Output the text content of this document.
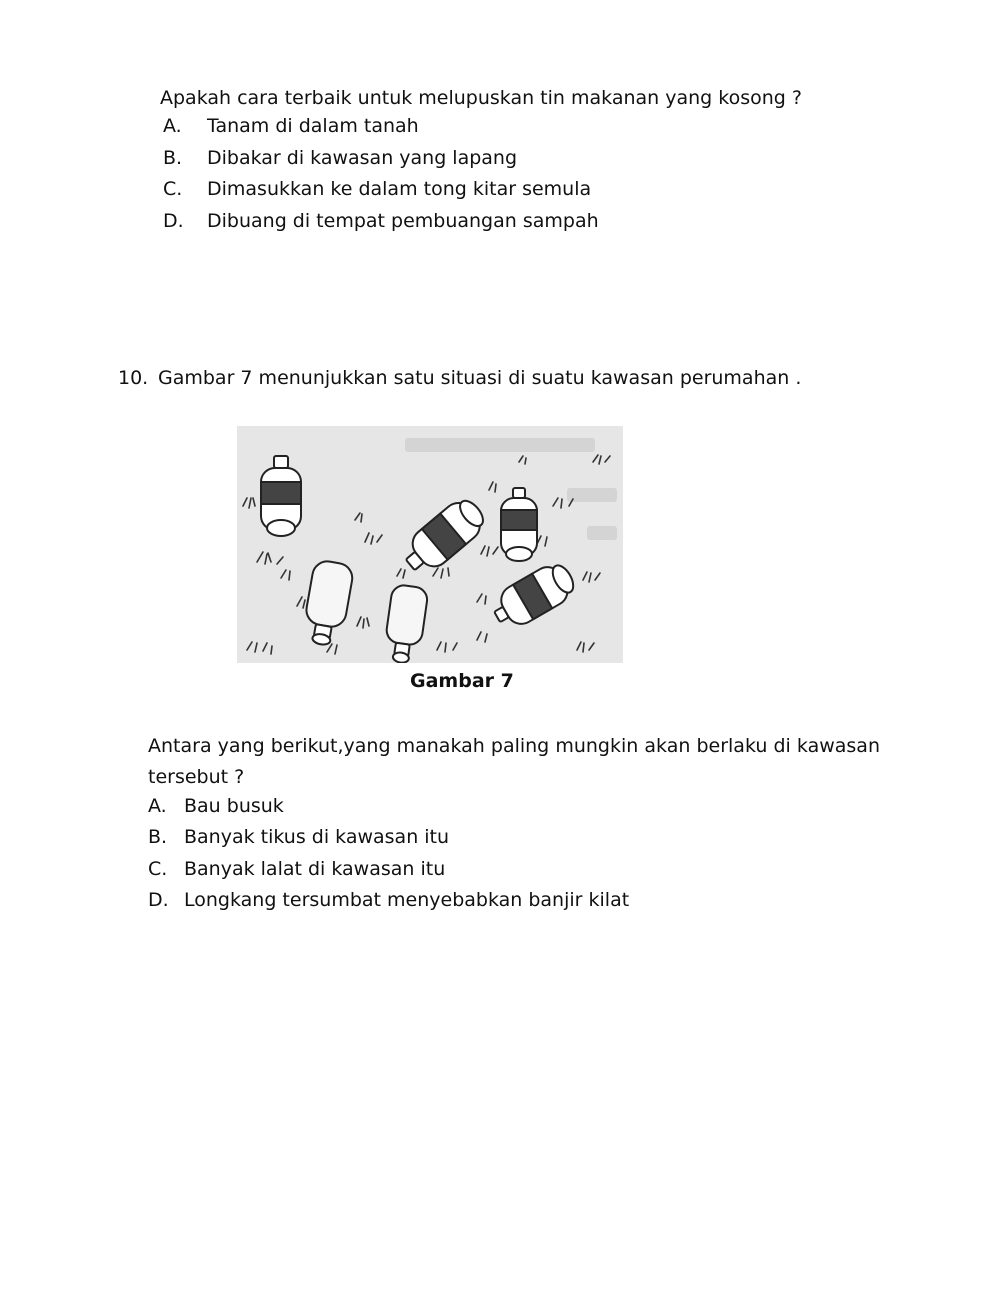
Apakah cara terbaik untuk melupuskan tin makanan yang kosong ?
A. Tanam di dalam tanah
B. Dibakar di kawasan yang lapang
C. Dimasukkan ke dalam tong kitar semula
D. Dibuang di tempat pembuangan sampah
10. Gambar 7 menunjukkan satu situasi di suatu kawasan perumahan .
Gambar 7
Antara yang berikut,yang manakah paling mungkin akan berlaku di kawasan
tersebut ?
A. Bau busuk
B. Banyak tikus di kawasan itu
C. Banyak lalat di kawasan itu
D. Longkang tersumbat menyebabkan banjir kilat
